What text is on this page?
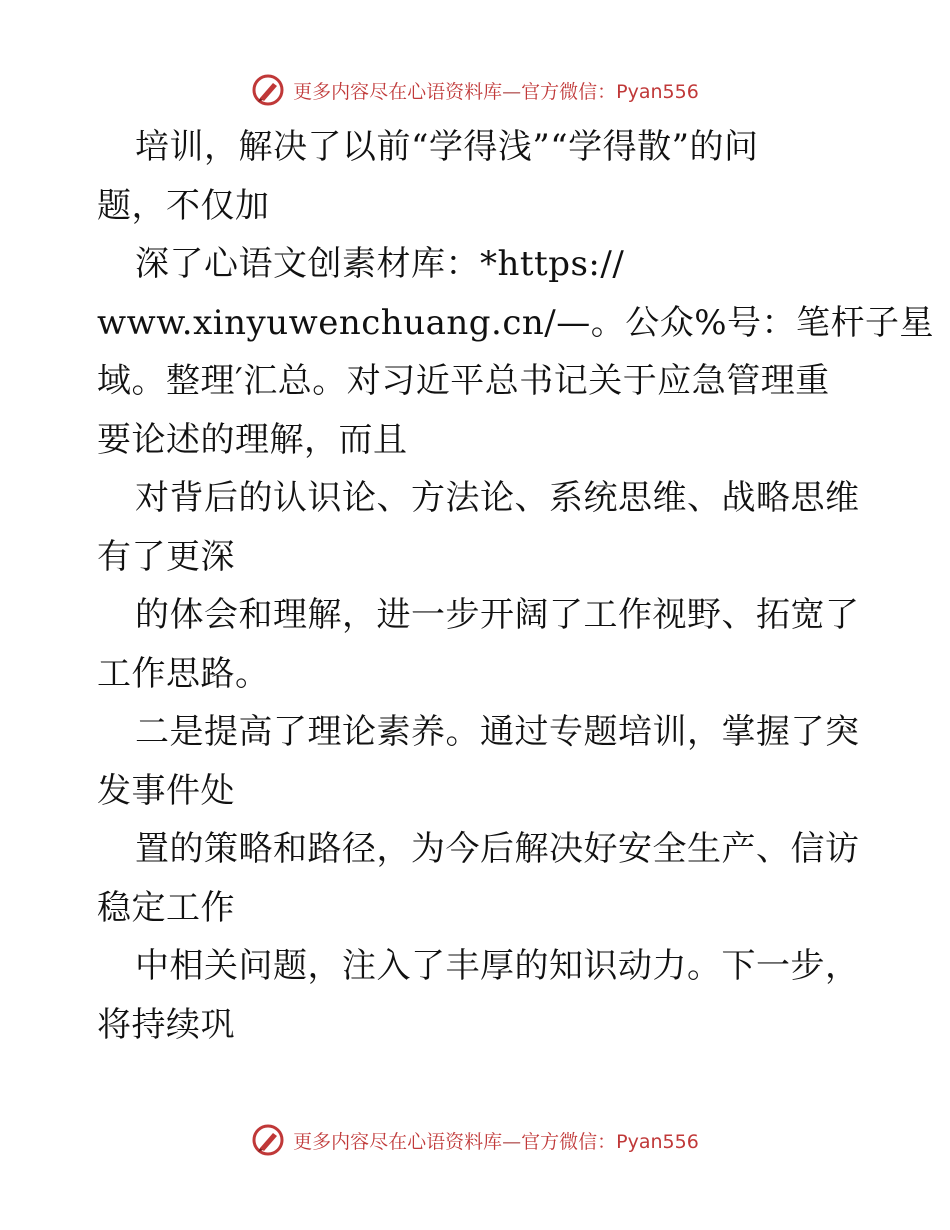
更多内容尽在心语资料库—官方微信：Pyan556
培训，解决了以前“学得浅”“学得散”的问
题，不仅加
深了心语文创素材库：*https://
www.xinyuwenchuang.cn/—。公众%号：笔杆子星
域。整理′汇总。对习近平总书记关于应急管理重
要论述的理解，而且
对背后的认识论、方法论、系统思维、战略思维
有了更深
的体会和理解，进一步开阔了工作视野、拓宽了
工作思路。
二是提高了理论素养。通过专题培训，掌握了突
发事件处
置的策略和路径，为今后解决好安全生产、信访
稳定工作
中相关问题，注入了丰厚的知识动力。下一步，
将持续巩
更多内容尽在心语资料库—官方微信：Pyan556
